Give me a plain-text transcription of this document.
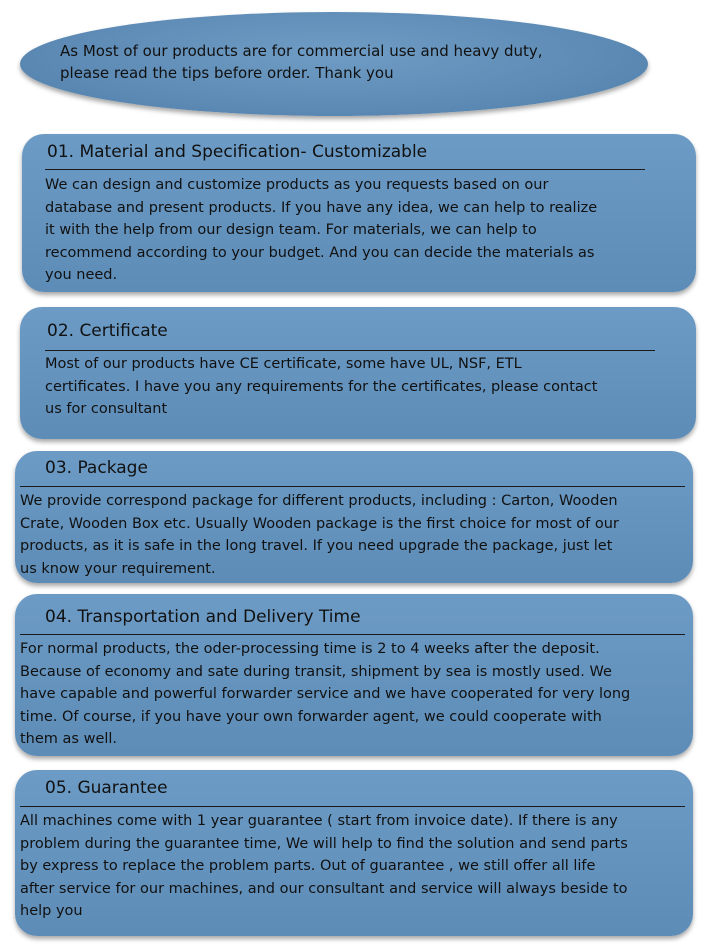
As Most of our products are for commercial use and heavy duty,
please read the tips before order. Thank you
01. Material and Specification- Customizable
We can design and customize products as you requests based on our
database and present products. If you have any idea, we can help to realize
it with the help from our design team. For materials, we can help to
recommend according to your budget. And you can decide the materials as
you need.
02. Certificate
Most of our products have CE certificate, some have UL, NSF, ETL
certificates. I have you any requirements for the certificates, please contact
us for consultant
03. Package
We provide correspond package for different products, including : Carton, Wooden
Crate, Wooden Box etc. Usually Wooden package is the first choice for most of our
products, as it is safe in the long travel. If you need upgrade the package, just let
us know your requirement.
04. Transportation and Delivery Time
For normal products, the oder-processing time is 2 to 4 weeks after the deposit.
Because of economy and sate during transit, shipment by sea is mostly used. We
have capable and powerful forwarder service and we have cooperated for very long
time. Of course, if you have your own forwarder agent, we could cooperate with
them as well.
05. Guarantee
All machines come with 1 year guarantee ( start from invoice date). If there is any
problem during the guarantee time, We will help to find the solution and send parts
by express to replace the problem parts. Out of guarantee , we still offer all life
after service for our machines, and our consultant and service will always beside to
help you
